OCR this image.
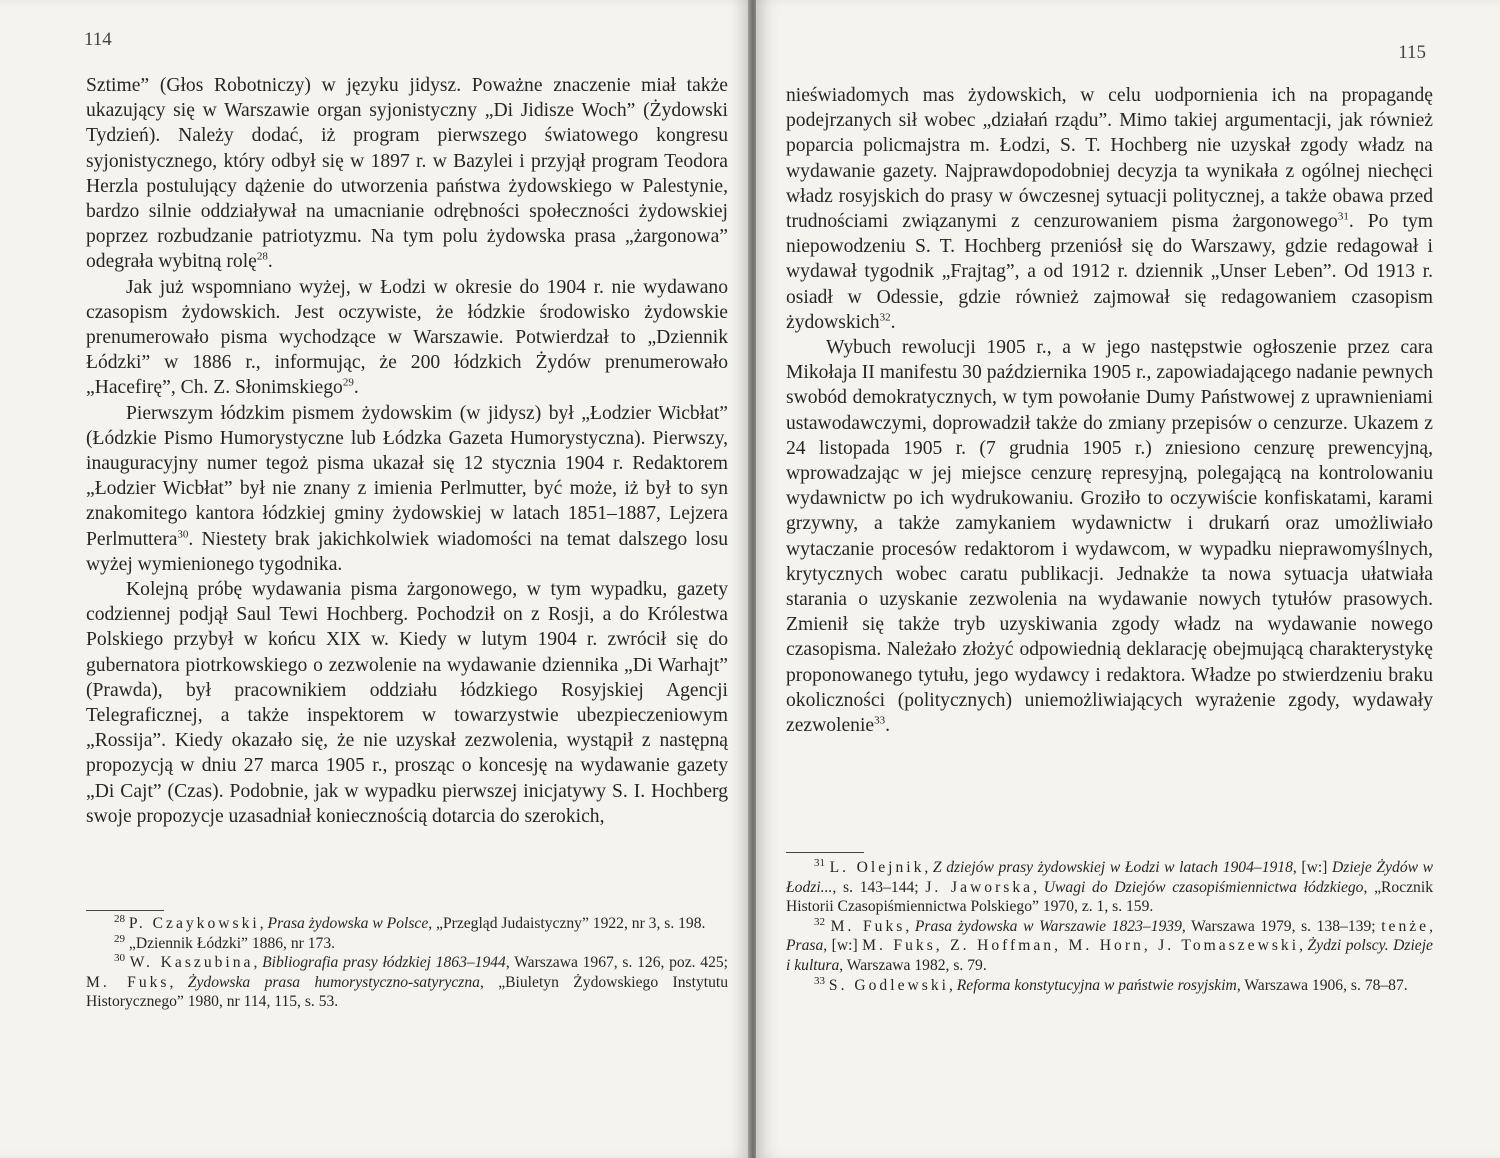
114

Sztime” (Głos Robotniczy) w języku jidysz. Poważne znaczenie miał także ukazujący się w Warszawie organ syjonistyczny „Di Jidisze Woch” (Żydowski Tydzień). Należy dodać, iż program pierwszego światowego kongresu syjonistycznego, który odbył się w 1897 r. w Bazylei i przyjął program Teodora Herzla postulujący dążenie do utworzenia państwa żydowskiego w Palestynie, bardzo silnie oddziaływał na umacnianie odrębności społeczności żydowskiej poprzez rozbudzanie patriotyzmu. Na tym polu żydowska prasa „żargonowa” odegrała wybitną rolę$^{28}$.

Jak już wspomniano wyżej, w Łodzi w okresie do 1904 r. nie wydawano czasopism żydowskich. Jest oczywiste, że łódzkie środowisko żydowskie prenumerowało pisma wychodzące w Warszawie. Potwierdzał to „Dziennik Łódzki” w 1886 r., informując, że 200 łódzkich Żydów prenumerowało „Hacefirę”, Ch. Z. Słonimskiego$^{29}$.

Pierwszym łódzkim pismem żydowskim (w jidysz) był „Łodzier Wicbłat” (Łódzkie Pismo Humorystyczne lub Łódzka Gazeta Humorystyczna). Pierwszy, inauguracyjny numer tegoż pisma ukazał się 12 stycznia 1904 r. Redaktorem „Łodzier Wicbłat” był nie znany z imienia Perlmutter, być może, iż był to syn znakomitego kantora łódzkiej gminy żydowskiej w latach 1851–1887, Lejzera Perlmuttera$^{30}$. Niestety brak jakichkolwiek wiadomości na temat dalszego losu wyżej wymienionego tygodnika.

Kolejną próbę wydawania pisma żargonowego, w tym wypadku, gazety codziennej podjął Saul Tewi Hochberg. Pochodził on z Rosji, a do Królestwa Polskiego przybył w końcu XIX w. Kiedy w lutym 1904 r. zwrócił się do gubernatora piotrkowskiego o zezwolenie na wydawanie dziennika „Di Warhajt” (Prawda), był pracownikiem oddziału łódzkiego Rosyjskiej Agencji Telegraficznej, a także inspektorem w towarzystwie ubezpieczeniowym „Rossija”. Kiedy okazało się, że nie uzyskał zezwolenia, wystąpił z następną propozycją w dniu 27 marca 1905 r., prosząc o koncesję na wydawanie gazety „Di Cajt” (Czas). Podobnie, jak w wypadku pierwszej inicjatywy S. I. Hochberg swoje propozycje uzasadniał koniecznością dotarcia do szerokich,

$^{28}$ P. Czaykowski, Prasa żydowska w Polsce, „Przegląd Judaistyczny” 1922, nr 3, s. 198.

$^{29}$ „Dziennik Łódzki” 1886, nr 173.

$^{30}$ W. Kaszubina, Bibliografia prasy łódzkiej 1863–1944, Warszawa 1967, s. 126, poz. 425; M. Fuks, Żydowska prasa humorystyczno-satyryczna, „Biuletyn Żydowskiego Instytutu Historycznego” 1980, nr 114, 115, s. 53.

115

nieświadomych mas żydowskich, w celu uodpornienia ich na propagandę podejrzanych sił wobec „działań rządu”. Mimo takiej argumentacji, jak również poparcia policmajstra m. Łodzi, S. T. Hochberg nie uzyskał zgody władz na wydawanie gazety. Najprawdopodobniej decyzja ta wynikała z ogólnej niechęci władz rosyjskich do prasy w ówczesnej sytuacji politycznej, a także obawa przed trudnościami związanymi z cenzurowaniem pisma żargonowego$^{31}$. Po tym niepowodzeniu S. T. Hochberg przeniósł się do Warszawy, gdzie redagował i wydawał tygodnik „Frajtag”, a od 1912 r. dziennik „Unser Leben”. Od 1913 r. osiadł w Odessie, gdzie również zajmował się redagowaniem czasopism żydowskich$^{32}$.

Wybuch rewolucji 1905 r., a w jego następstwie ogłoszenie przez cara Mikołaja II manifestu 30 października 1905 r., zapowiadającego nadanie pewnych swobód demokratycznych, w tym powołanie Dumy Państwowej z uprawnieniami ustawodawczymi, doprowadził także do zmiany przepisów o cenzurze. Ukazem z 24 listopada 1905 r. (7 grudnia 1905 r.) zniesiono cenzurę prewencyjną, wprowadzając w jej miejsce cenzurę represyjną, polegającą na kontrolowaniu wydawnictw po ich wydrukowaniu. Groziło to oczywiście konfiskatami, karami grzywny, a także zamykaniem wydawnictw i drukarń oraz umożliwiało wytaczanie procesów redaktorom i wydawcom, w wypadku nieprawomyślnych, krytycznych wobec caratu publikacji. Jednakże ta nowa sytuacja ułatwiała starania o uzyskanie zezwolenia na wydawanie nowych tytułów prasowych. Zmienił się także tryb uzyskiwania zgody władz na wydawanie nowego czasopisma. Należało złożyć odpowiednią deklarację obejmującą charakterystykę proponowanego tytułu, jego wydawcy i redaktora. Władze po stwierdzeniu braku okoliczności (politycznych) uniemożliwiających wyrażenie zgody, wydawały zezwolenie$^{33}$.

$^{31}$ L. Olejnik, Z dziejów prasy żydowskiej w Łodzi w latach 1904–1918, [w:] Dzieje Żydów w Łodzi..., s. 143–144; J. Jaworska, Uwagi do Dziejów czasopiśmiennictwa łódzkiego, „Rocznik Historii Czasopiśmiennictwa Polskiego” 1970, z. 1, s. 159.

$^{32}$ M. Fuks, Prasa żydowska w Warszawie 1823–1939, Warszawa 1979, s. 138–139; tenże, Prasa, [w:] M. Fuks, Z. Hoffman, M. Horn, J. Tomaszewski, Żydzi polscy. Dzieje i kultura, Warszawa 1982, s. 79.

$^{33}$ S. Godlewski, Reforma konstytucyjna w państwie rosyjskim, Warszawa 1906, s. 78–87.
